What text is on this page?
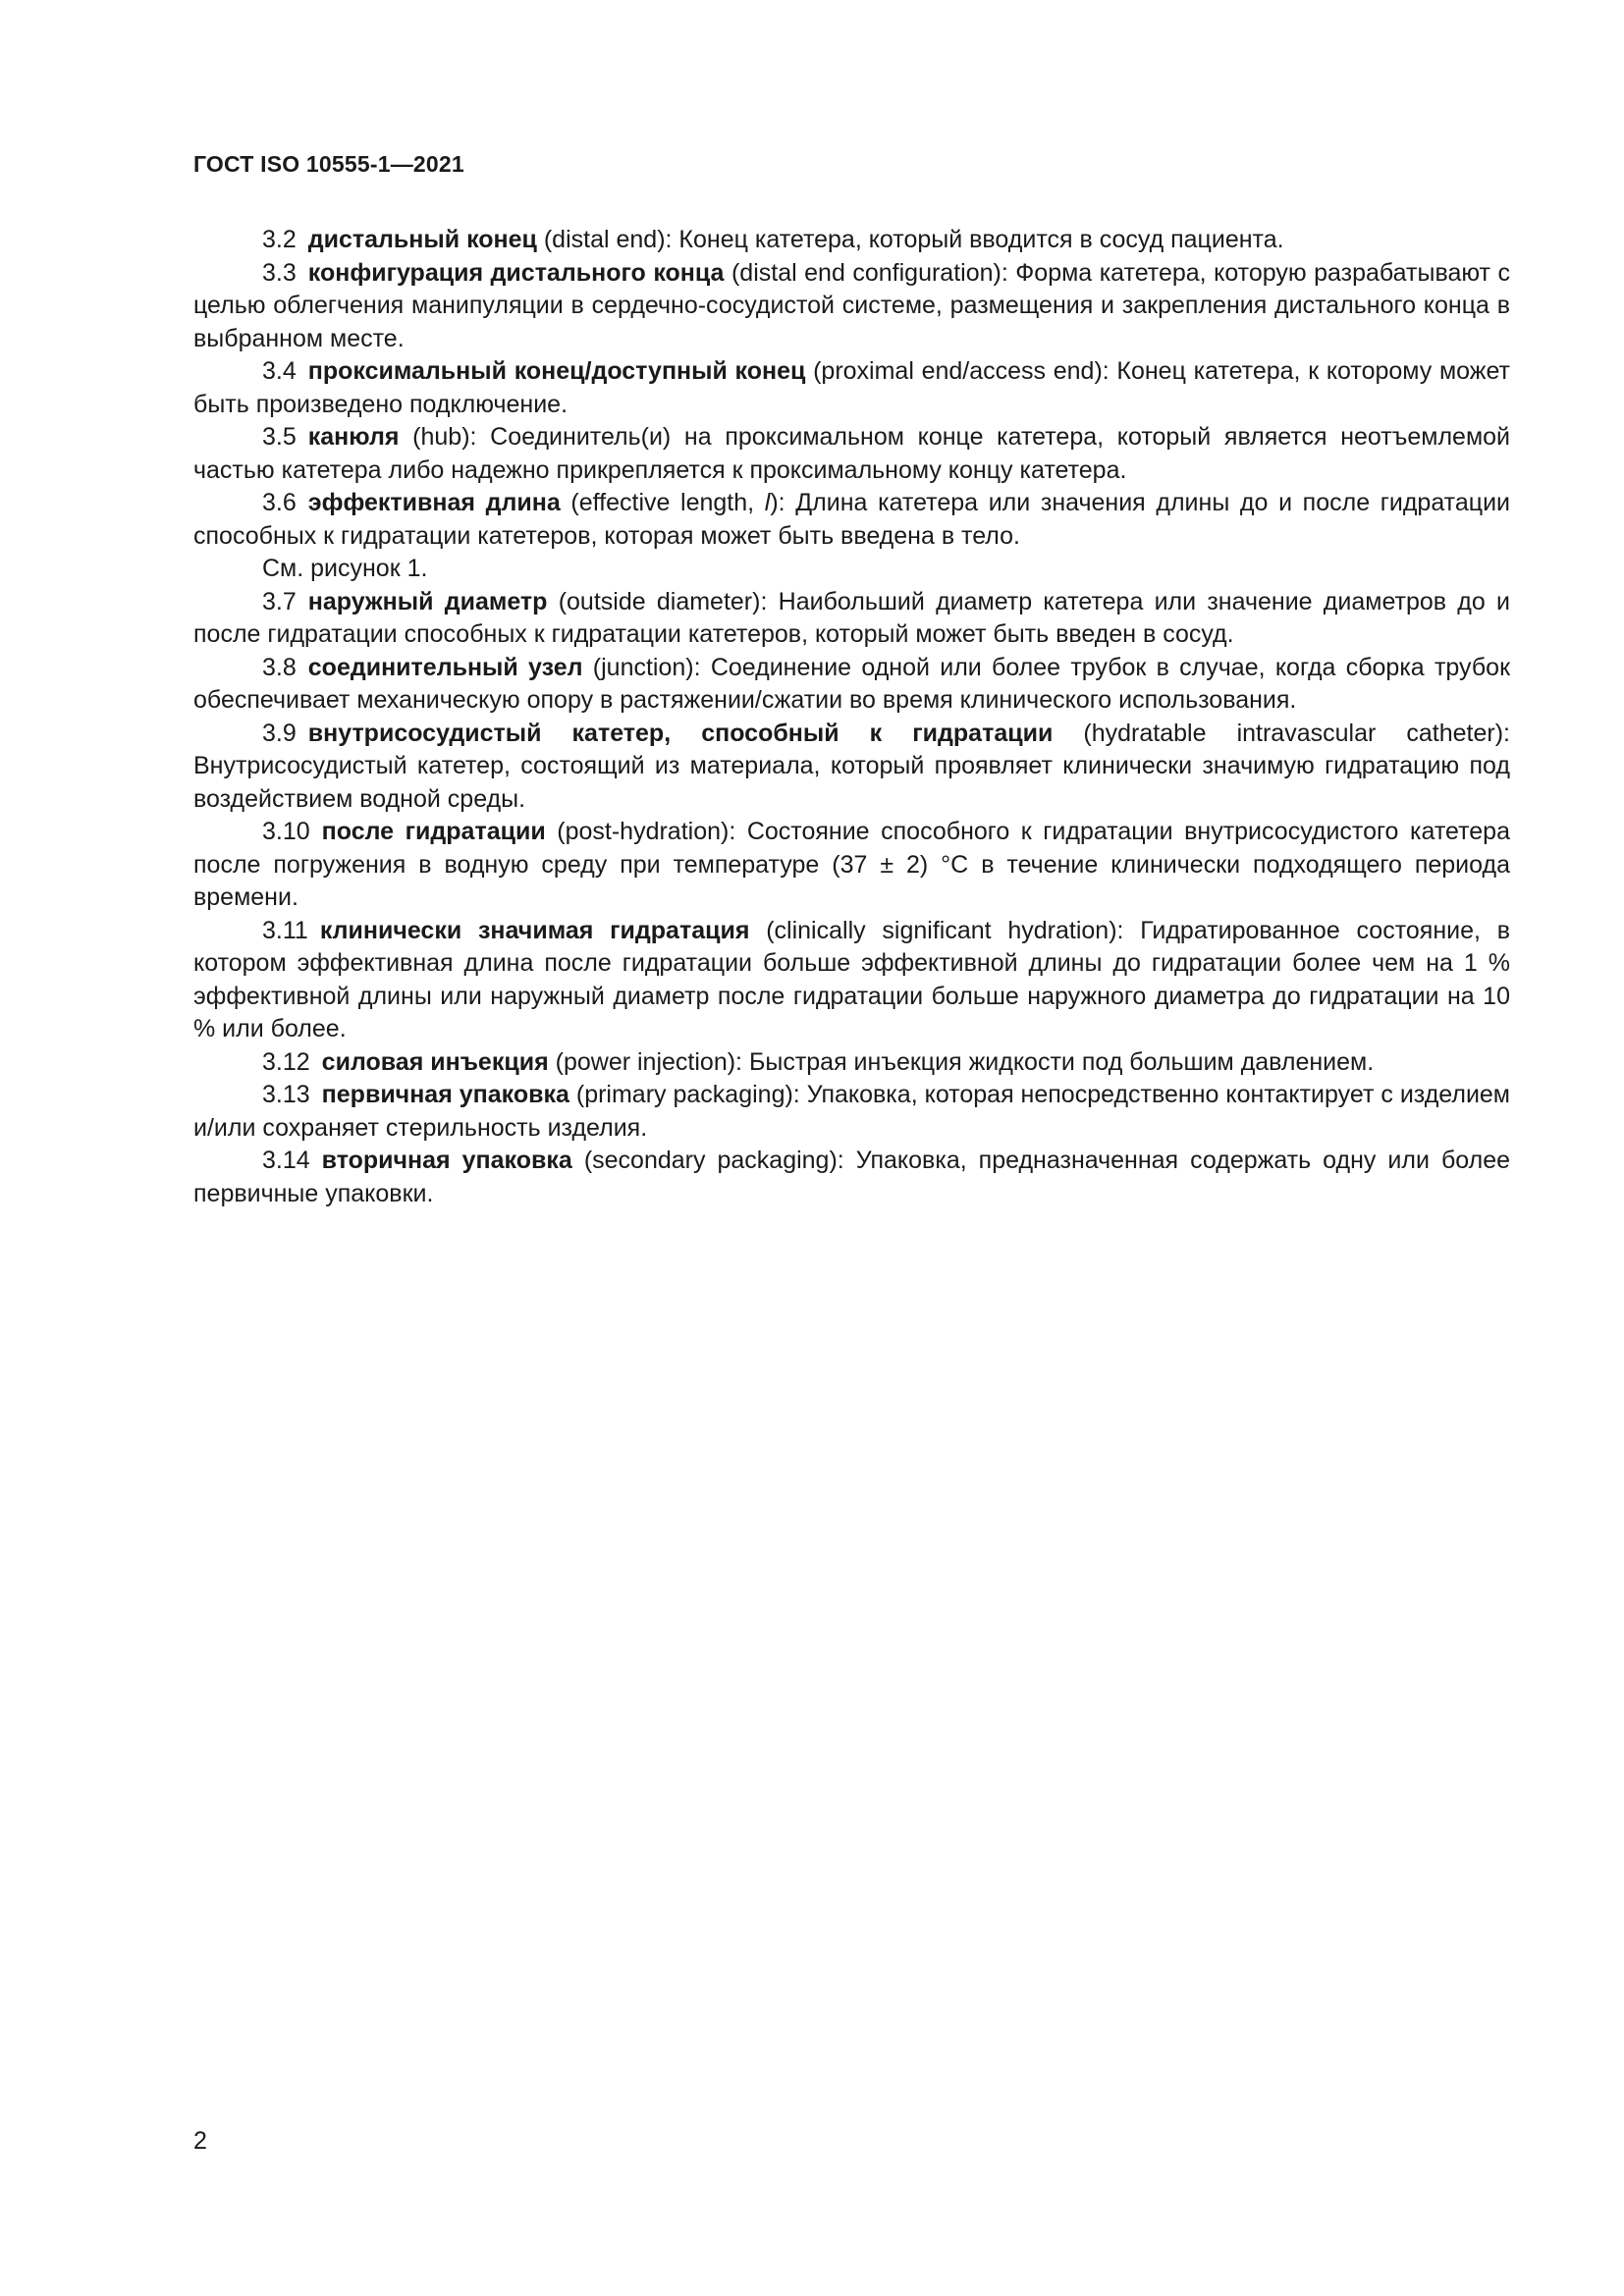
ГОСТ ISO 10555-1—2021

3.2 дистальный конец (distal end): Конец катетера, который вводится в сосуд пациента.

3.3 конфигурация дистального конца (distal end configuration): Форма катетера, которую разрабатывают с целью облегчения манипуляции в сердечно-сосудистой системе, размещения и закрепления дистального конца в выбранном месте.

3.4 проксимальный конец/доступный конец (proximal end/access end): Конец катетера, к которому может быть произведено подключение.

3.5 канюля (hub): Соединитель(и) на проксимальном конце катетера, который является неотъемлемой частью катетера либо надежно прикрепляется к проксимальному концу катетера.

3.6 эффективная длина (effective length, l): Длина катетера или значения длины до и после гидратации способных к гидратации катетеров, которая может быть введена в тело.

См. рисунок 1.

3.7 наружный диаметр (outside diameter): Наибольший диаметр катетера или значение диаметров до и после гидратации способных к гидратации катетеров, который может быть введен в сосуд.

3.8 соединительный узел (junction): Соединение одной или более трубок в случае, когда сборка трубок обеспечивает механическую опору в растяжении/сжатии во время клинического использования.

3.9 внутрисосудистый катетер, способный к гидратации (hydratable intravascular catheter): Внутрисосудистый катетер, состоящий из материала, который проявляет клинически значимую гидратацию под воздействием водной среды.

3.10 после гидратации (post-hydration): Состояние способного к гидратации внутрисосудистого катетера после погружения в водную среду при температуре (37 ± 2) °С в течение клинически подходящего периода времени.

3.11 клинически значимая гидратация (clinically significant hydration): Гидратированное состояние, в котором эффективная длина после гидратации больше эффективной длины до гидратации более чем на 1 % эффективной длины или наружный диаметр после гидратации больше наружного диаметра до гидратации на 10 % или более.

3.12 силовая инъекция (power injection): Быстрая инъекция жидкости под большим давлением.

3.13 первичная упаковка (primary packaging): Упаковка, которая непосредственно контактирует с изделием и/или сохраняет стерильность изделия.

3.14 вторичная упаковка (secondary packaging): Упаковка, предназначенная содержать одну или более первичные упаковки.

2
